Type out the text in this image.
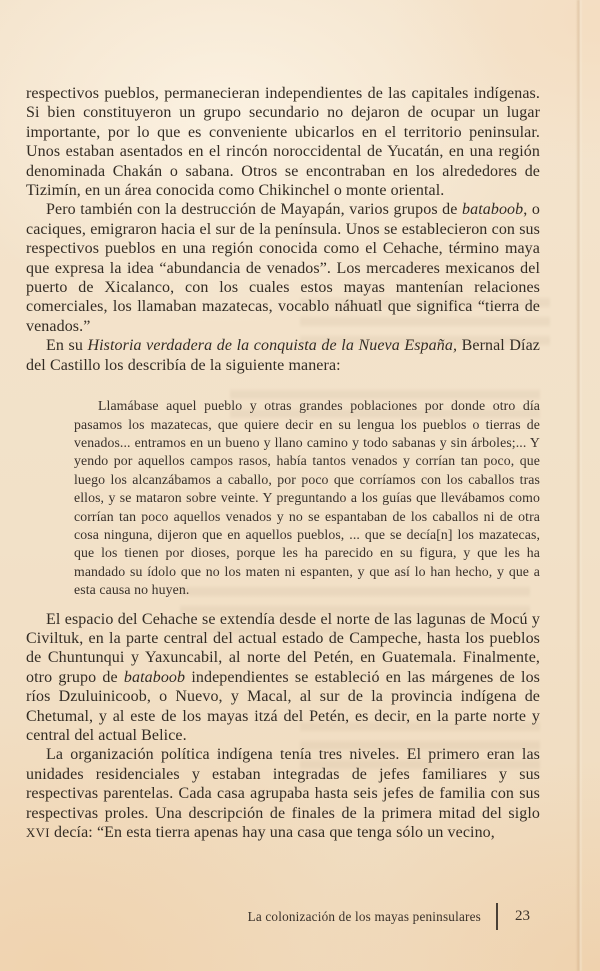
respectivos pueblos, permanecieran independientes de las capitales indígenas. Si bien constituyeron un grupo secundario no dejaron de ocupar un lugar importante, por lo que es conveniente ubicarlos en el territorio peninsular. Unos estaban asentados en el rincón noroccidental de Yucatán, en una región denominada Chakán o sabana. Otros se encontraban en los alrededores de Tizimín, en un área conocida como Chikinchel o monte oriental.

Pero también con la destrucción de Mayapán, varios grupos de bataboob, o caciques, emigraron hacia el sur de la península. Unos se establecieron con sus respectivos pueblos en una región conocida como el Cehache, término maya que expresa la idea “abundancia de venados”. Los mercaderes mexicanos del puerto de Xicalanco, con los cuales estos mayas mantenían relaciones comerciales, los llamaban mazatecas, vocablo náhuatl que significa “tierra de venados.”

En su Historia verdadera de la conquista de la Nueva España, Bernal Díaz del Castillo los describía de la siguiente manera:

Llamábase aquel pueblo y otras grandes poblaciones por donde otro día pasamos los mazatecas, que quiere decir en su lengua los pueblos o tierras de venados... entramos en un bueno y llano camino y todo sabanas y sin árboles;... Y yendo por aquellos campos rasos, había tantos venados y corrían tan poco, que luego los alcanzábamos a caballo, por poco que corríamos con los caballos tras ellos, y se mataron sobre veinte. Y preguntando a los guías que llevábamos como corrían tan poco aquellos venados y no se espantaban de los caballos ni de otra cosa ninguna, dijeron que en aquellos pueblos, ... que se decía[n] los mazatecas, que los tienen por dioses, porque les ha parecido en su figura, y que les ha mandado su ídolo que no los maten ni espanten, y que así lo han hecho, y que a esta causa no huyen.

El espacio del Cehache se extendía desde el norte de las lagunas de Mocú y Civiltuk, en la parte central del actual estado de Campeche, hasta los pueblos de Chuntunqui y Yaxuncabil, al norte del Petén, en Guatemala. Finalmente, otro grupo de bataboob independientes se estableció en las márgenes de los ríos Dzuluinicoob, o Nuevo, y Macal, al sur de la provincia indígena de Chetumal, y al este de los mayas itzá del Petén, es decir, en la parte norte y central del actual Belice.

La organización política indígena tenía tres niveles. El primero eran las unidades residenciales y estaban integradas de jefes familiares y sus respectivas parentelas. Cada casa agrupaba hasta seis jefes de familia con sus respectivas proles. Una descripción de finales de la primera mitad del siglo XVI decía: “En esta tierra apenas hay una casa que tenga sólo un vecino,

La colonización de los mayas peninsulares 23
